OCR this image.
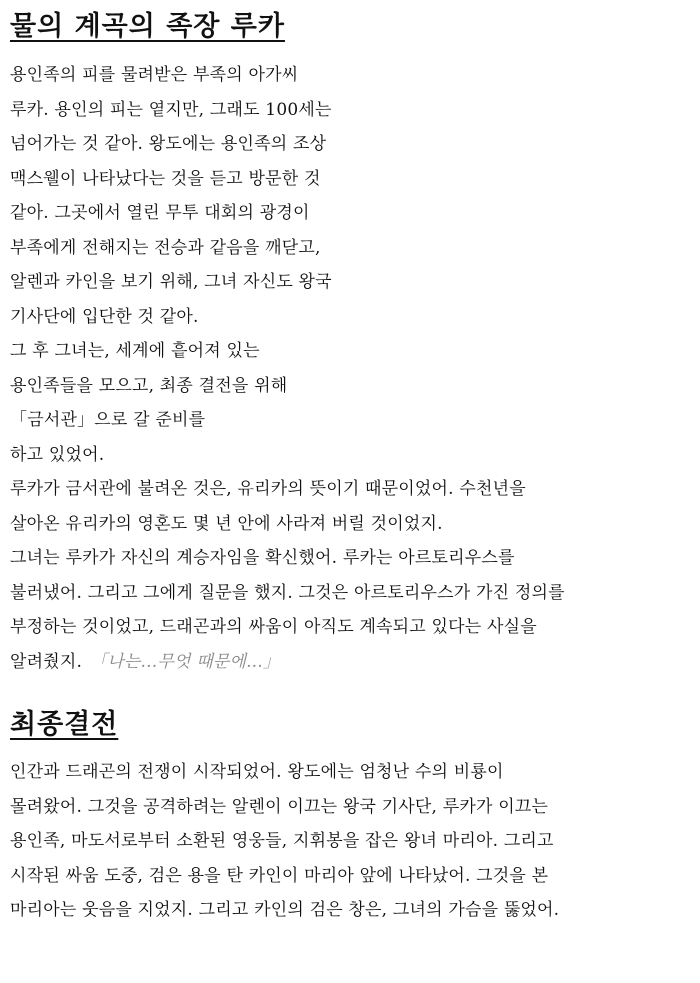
물의 계곡의 족장 루카
용인족의 피를 물려받은 부족의 아가씨
루카. 용인의 피는 옅지만, 그래도 100세는
넘어가는 것 같아. 왕도에는 용인족의 조상
맥스웰이 나타났다는 것을 듣고 방문한 것
같아. 그곳에서 열린 무투 대회의 광경이
부족에게 전해지는 전승과 같음을 깨닫고,
알렌과 카인을 보기 위해, 그녀 자신도 왕국
기사단에 입단한 것 같아.
그 후 그녀는, 세계에 흩어져 있는
용인족들을 모으고, 최종 결전을 위해
「금서관」으로 갈 준비를
하고 있었어.
루카가 금서관에 불려온 것은, 유리카의 뜻이기 때문이었어. 수천년을
살아온 유리카의 영혼도 몇 년 안에 사라져 버릴 것이었지.
그녀는 루카가 자신의 계승자임을 확신했어. 루카는 아르토리우스를
불러냈어. 그리고 그에게 질문을 했지. 그것은 아르토리우스가 가진 정의를
부정하는 것이었고, 드래곤과의 싸움이 아직도 계속되고 있다는 사실을
알려줬지. 「나는...무엇 때문에...」
최종결전
인간과 드래곤의 전쟁이 시작되었어. 왕도에는 엄청난 수의 비룡이
몰려왔어. 그것을 공격하려는 알렌이 이끄는 왕국 기사단, 루카가 이끄는
용인족, 마도서로부터 소환된 영웅들, 지휘봉을 잡은 왕녀 마리아. 그리고
시작된 싸움 도중, 검은 용을 탄 카인이 마리아 앞에 나타났어. 그것을 본
마리아는 웃음을 지었지. 그리고 카인의 검은 창은, 그녀의 가슴을 뚫었어.
